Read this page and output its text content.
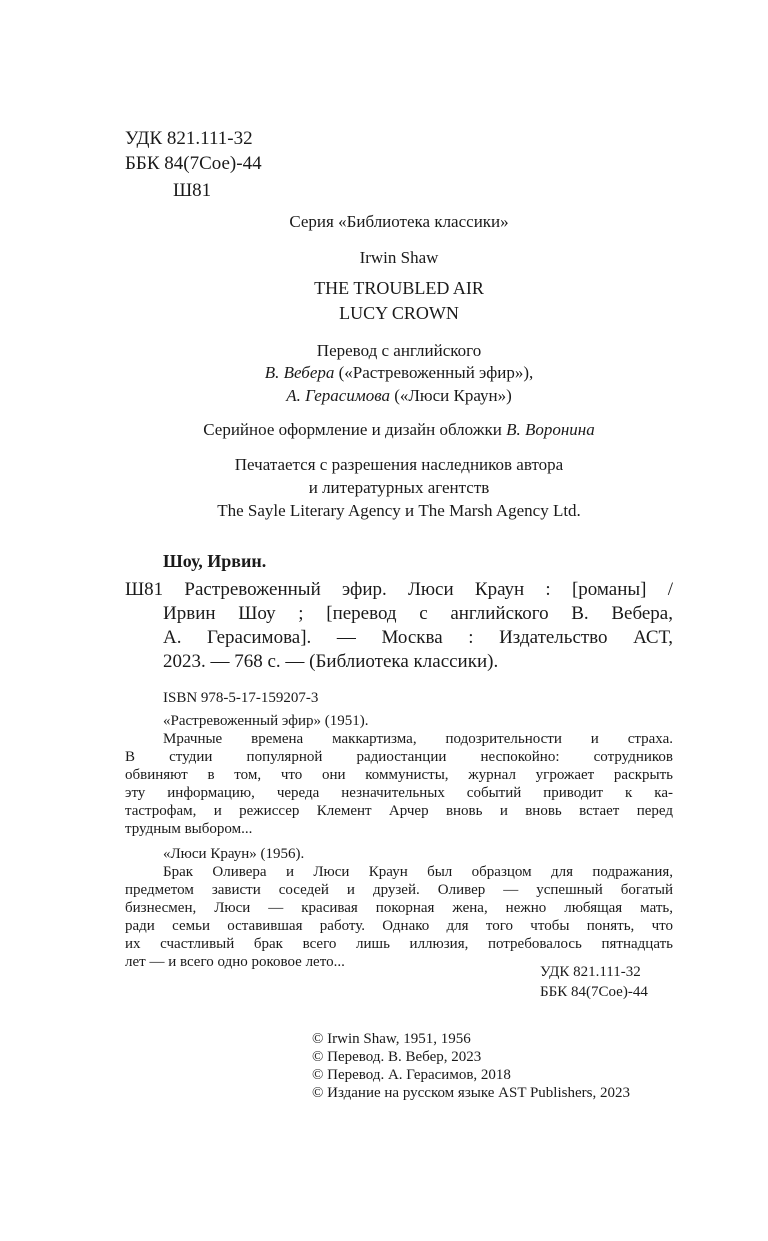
УДК 821.111-32
ББК 84(7Сое)-44
Ш81
Серия «Библиотека классики»
Irwin Shaw
THE TROUBLED AIR
LUCY CROWN
Перевод с английского
В. Вебера («Растревоженный эфир»),
А. Герасимова («Люси Краун»)
Серийное оформление и дизайн обложки В. Воронина
Печатается с разрешения наследников автора
и литературных агентств
The Sayle Literary Agency и The Marsh Agency Ltd.
Шоу, Ирвин.
Ш81 Растревоженный эфир. Люси Краун : [романы] /
Ирвин Шоу ; [перевод с английского В. Вебера,
А. Герасимова]. — Москва : Издательство АСТ,
2023. — 768 с. — (Библиотека классики).
ISBN 978-5-17-159207-3
«Растревоженный эфир» (1951).
Мрачные времена маккартизма, подозрительности и страха.
В студии популярной радиостанции неспокойно: сотрудников
обвиняют в том, что они коммунисты, журнал угрожает раскрыть
эту информацию, череда незначительных событий приводит к ка-
тастрофам, и режиссер Клемент Арчер вновь и вновь встает перед
трудным выбором...
«Люси Краун» (1956).
Брак Оливера и Люси Краун был образцом для подражания,
предметом зависти соседей и друзей. Оливер — успешный богатый
бизнесмен, Люси — красивая покорная жена, нежно любящая мать,
ради семьи оставившая работу. Однако для того чтобы понять, что
их счастливый брак всего лишь иллюзия, потребовалось пятнадцать
лет — и всего одно роковое лето...
УДК 821.111-32
ББК 84(7Сое)-44
© Irwin Shaw, 1951, 1956
© Перевод. В. Вебер, 2023
© Перевод. А. Герасимов, 2018
© Издание на русском языке AST Publishers, 2023
